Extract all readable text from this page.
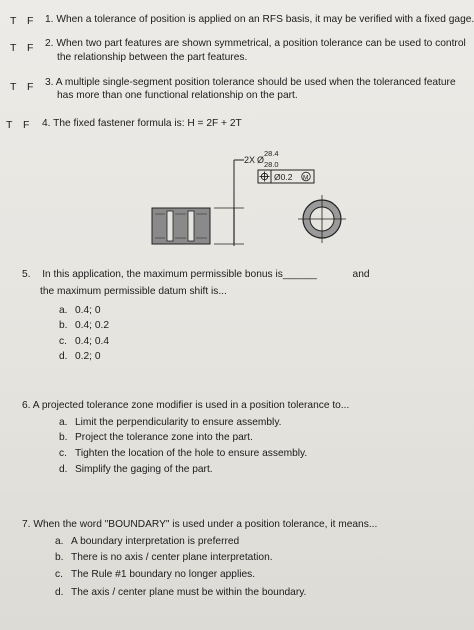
T F 1. When a tolerance of position is applied on an RFS basis, it may be verified with a fixed gage.
T F 2. When two part features are shown symmetrical, a position tolerance can be used to control
the relationship between the part features.
T F 3. A multiple single-segment position tolerance should be used when the toleranced feature
has more than one functional relationship on the part.
T F 4. The fixed fastener formula is: H = 2F + 2T
2X Ø
28.4
28.0
Ø0.2 M
5. In this application, the maximum permissible bonus is______	and
the maximum permissible datum shift is...
a. 0.4; 0
b. 0.4; 0.2
c. 0.4; 0.4
d. 0.2; 0
6. A projected tolerance zone modifier is used in a position tolerance to...
a. Limit the perpendicularity to ensure assembly.
b. Project the tolerance zone into the part.
c. Tighten the location of the hole to ensure assembly.
d. Simplify the gaging of the part.
7. When the word "BOUNDARY" is used under a position tolerance, it means...
a. A boundary interpretation is preferred
b. There is no axis / center plane interpretation.
c. The Rule #1 boundary no longer applies.
d. The axis / center plane must be within the boundary.
